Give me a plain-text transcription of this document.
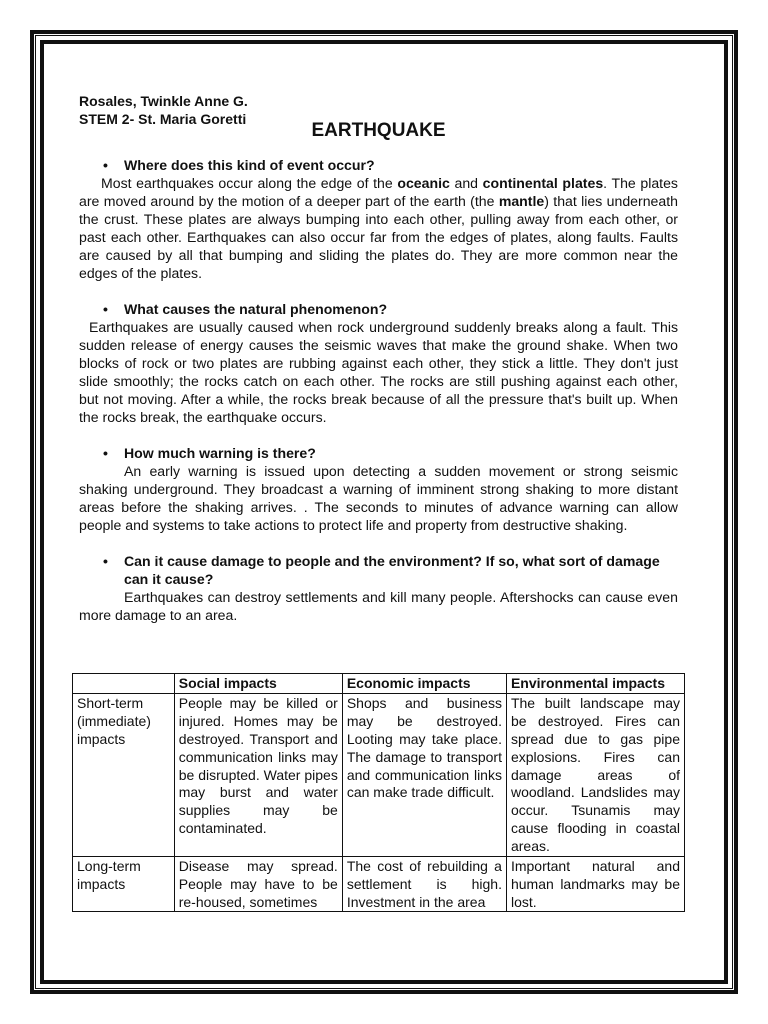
Rosales, Twinkle Anne G.
STEM 2- St. Maria Goretti
EARTHQUAKE
• Where does this kind of event occur?

Most earthquakes occur along the edge of the oceanic and continental plates. The plates are moved around by the motion of a deeper part of the earth (the mantle) that lies underneath the crust. These plates are always bumping into each other, pulling away from each other, or past each other. Earthquakes can also occur far from the edges of plates, along faults. Faults are caused by all that bumping and sliding the plates do. They are more common near the edges of the plates.

• What causes the natural phenomenon?

Earthquakes are usually caused when rock underground suddenly breaks along a fault. This sudden release of energy causes the seismic waves that make the ground shake. When two blocks of rock or two plates are rubbing against each other, they stick a little. They don't just slide smoothly; the rocks catch on each other. The rocks are still pushing against each other, but not moving. After a while, the rocks break because of all the pressure that's built up. When the rocks break, the earthquake occurs.

• How much warning is there?

An early warning is issued upon detecting a sudden movement or strong seismic shaking underground. They broadcast a warning of imminent strong shaking to more distant areas before the shaking arrives. . The seconds to minutes of advance warning can allow people and systems to take actions to protect life and property from destructive shaking.

• Can it cause damage to people and the environment? If so, what sort of damage can it cause?

Earthquakes can destroy settlements and kill many people. Aftershocks can cause even more damage to an area.

	Social impacts	Economic impacts	Environmental impacts
Short-term (immediate) impacts	People may be killed or injured. Homes may be destroyed. Transport and communication links may be disrupted. Water pipes may burst and water supplies may be contaminated.	Shops and business may be destroyed. Looting may take place. The damage to transport and communication links can make trade difficult.	The built landscape may be destroyed. Fires can spread due to gas pipe explosions. Fires can damage areas of woodland. Landslides may occur. Tsunamis may cause flooding in coastal areas.

Long-term impacts	Disease may spread. People may have to be re-housed, sometimes	The cost of rebuilding a settlement is high. Investment in the area	Important natural and human landmarks may be lost.
